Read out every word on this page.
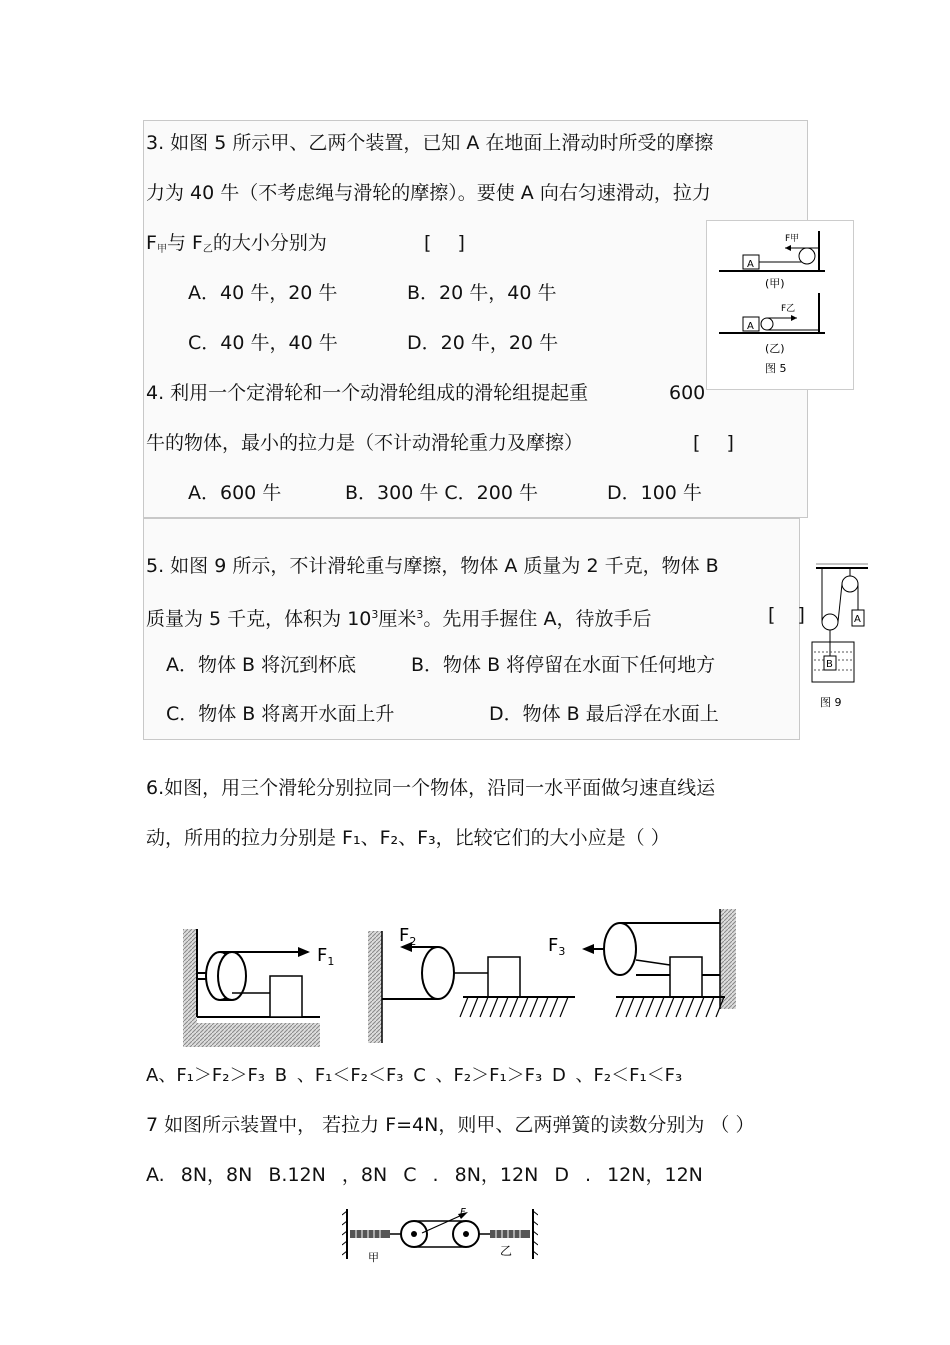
3. 如图 5 所示甲、乙两个装置，已知 A 在地面上滑动时所受的摩擦
力为 40 牛（不考虑绳与滑轮的摩擦）。要使 A 向右匀速滑动，拉力
$F_甲$与 $F_乙$的大小分别为	[ ]
A．40 牛，20 牛	B．20 牛，40 牛
C．40 牛，40 牛	D．20 牛，20 牛
A
F甲
(甲)
A
F乙
(乙)
图 5
4. 利用一个定滑轮和一个动滑轮组成的滑轮组提起重	600
牛的物体，最小的拉力是（不计动滑轮重力及摩擦）	[ ]
A．600 牛	B．300 牛 C．200 牛	D．100 牛
5. 如图 9 所示，不计滑轮重与摩擦，物体 A 质量为 2 千克，物体 B
质量为 5 千克，体积为 $10^3$厘米$^3$。先用手握住 A，待放手后	[ ]
A．物体 B 将沉到杯底	B．物体 B 将停留在水面下任何地方
C．物体 B 将离开水面上升	D．物体 B 最后浮在水面上
A
B
图 9
6.如图，用三个滑轮分别拉同一个物体，沿同一水平面做匀速直线运
动，所用的拉力分别是 F₁、F₂、F₃，比较它们的大小应是（ ）
$F_1$
$F_2$	$F_3$
A、F₁＞F₂＞F₃ B 、F₁＜F₂＜F₃ C 、F₂＞F₁＞F₃ D 、F₂＜F₁＜F₃
7 如图所示装置中， 若拉力 F=4N，则甲、乙两弹簧的读数分别为 （ ）
A. 8N，8N B.12N ，8N C . 8N，12N D . 12N，12N
F
甲	乙
